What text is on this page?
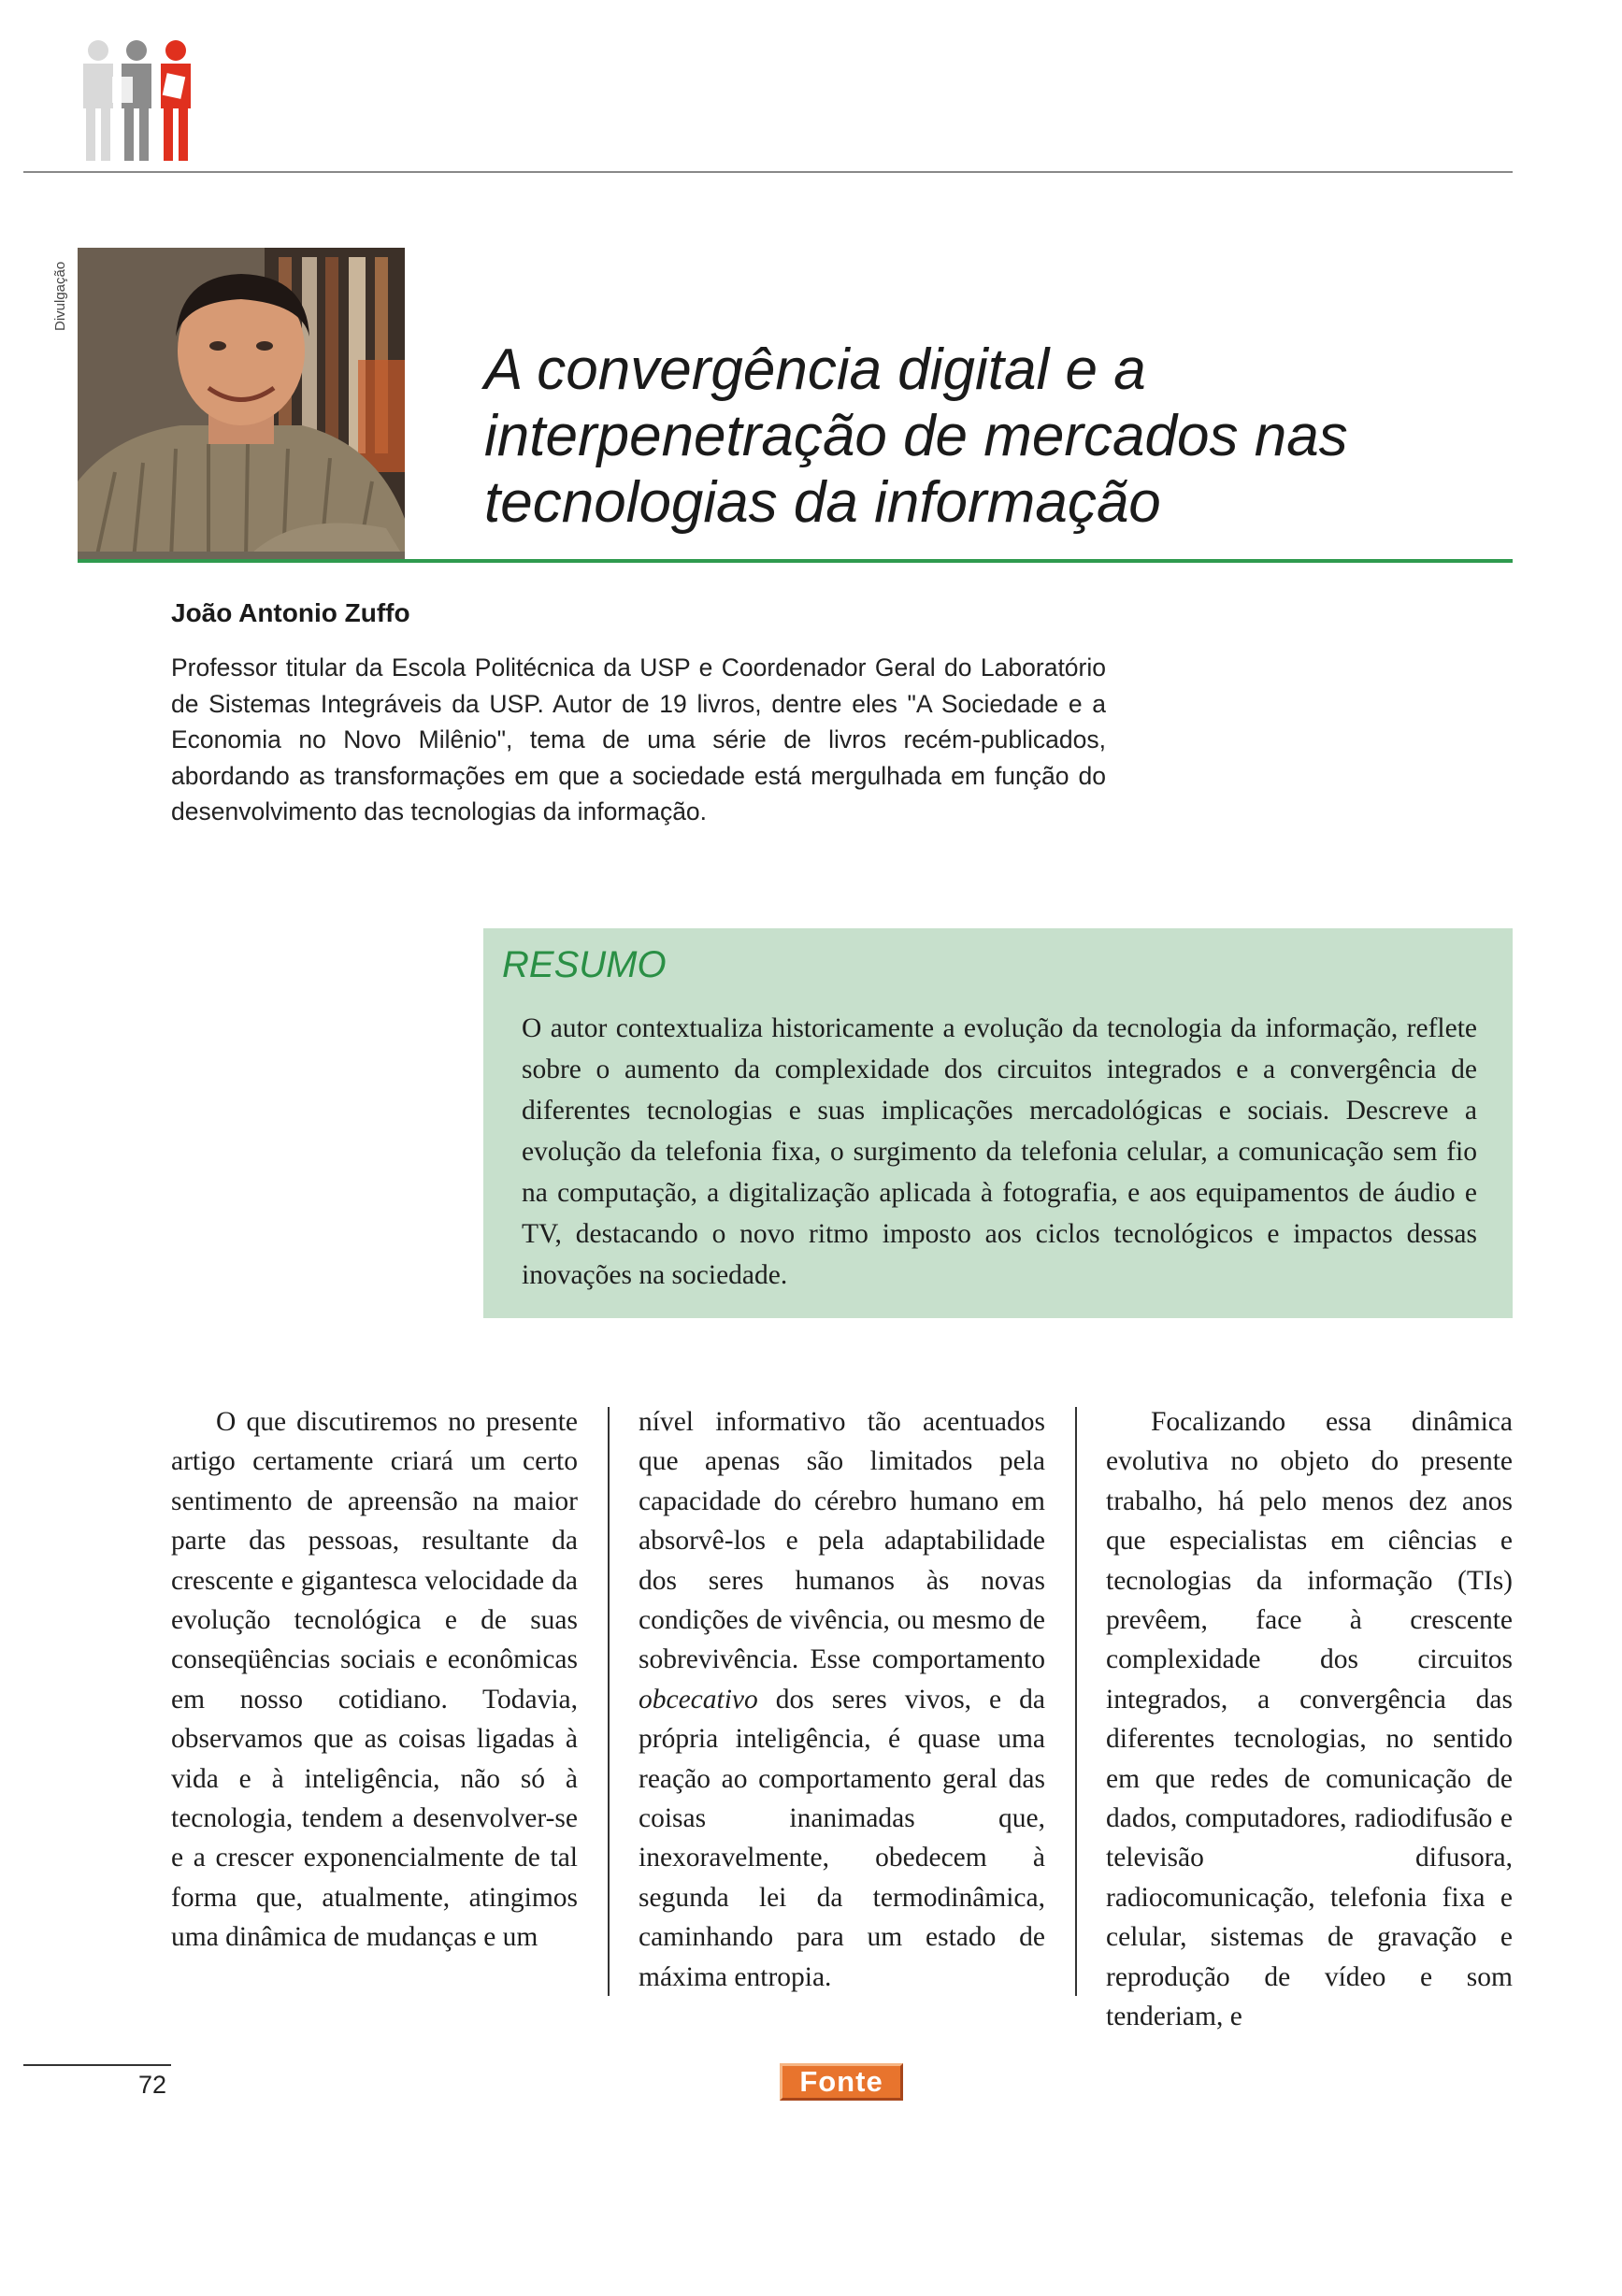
Divulgação
A convergência digital e a interpenetração de mercados nas tecnologias da informação
João Antonio Zuffo
Professor titular da Escola Politécnica da USP e Coordenador Geral do Laboratório de Sistemas Integráveis da USP. Autor de 19 livros, dentre eles "A Sociedade e a Economia no Novo Milênio", tema de uma série de livros recém-publicados, abordando as transformações em que a sociedade está mergulhada em função do desenvolvimento das tecnologias da informação.
RESUMO
O autor contextualiza historicamente a evolução da tecnologia da informação, reflete sobre o aumento da complexidade dos circuitos integrados e a convergência de diferentes tecnologias e suas implicações mercadológicas e sociais. Descreve a evolução da telefonia fixa, o surgimento da telefonia celular, a comunicação sem fio na computação, a digitalização aplicada à fotografia, e aos equipamentos de áudio e TV, destacando o novo ritmo imposto aos ciclos tecnológicos e impactos dessas inovações na sociedade.

O que discutiremos no presente artigo certamente criará um certo sentimento de apreensão na maior parte das pessoas, resultante da crescente e gigantesca velocidade da evolução tecnológica e de suas conseqüências sociais e econômicas em nosso cotidiano. Todavia, observamos que as coisas ligadas à vida e à inteligência, não só à tecnologia, tendem a desenvolver-se e a crescer exponencialmente de tal forma que, atualmente, atingimos uma dinâmica de mudanças e um

nível informativo tão acentuados que apenas são limitados pela capacidade do cérebro humano em absorvê-los e pela adaptabilidade dos seres humanos às novas condições de vivência, ou mesmo de sobrevivência. Esse comportamento obcecativo dos seres vivos, e da própria inteligência, é quase uma reação ao comportamento geral das coisas inanimadas que, inexoravelmente, obedecem à segunda lei da termodinâmica, caminhando para um estado de máxima entropia.

Focalizando essa dinâmica evolutiva no objeto do presente trabalho, há pelo menos dez anos que especialistas em ciências e tecnologias da informação (TIs) prevêem, face à crescente complexidade dos circuitos integrados, a convergência das diferentes tecnologias, no sentido em que redes de comunicação de dados, computadores, radiodifusão e televisão difusora, radiocomunicação, telefonia fixa e celular, sistemas de gravação e reprodução de vídeo e som tenderiam, e

72	Fonte
